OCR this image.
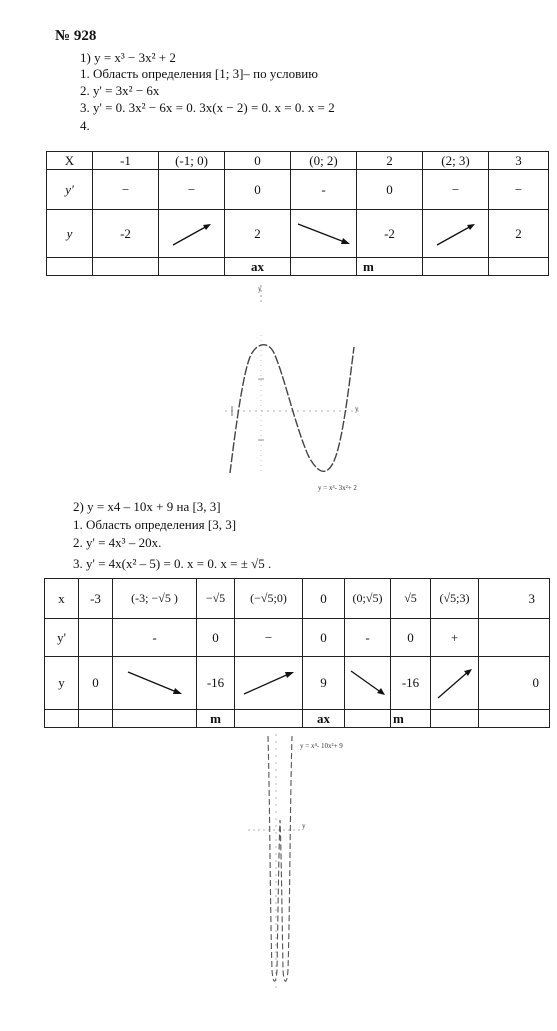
№ 928
1) y = x³ − 3x² + 2
1. Область определения [1; 3]– по условию
2. y' = 3x² − 6x
3. y' = 0. 3x² − 6x = 0. 3x(x − 2) = 0. x = 0. x = 2
4.
X	-1	(-1; 0)	0	(0; 2)	2	(2; 3)	3
y'	−	−	0	-	0	−	−
y	-2		2		-2		2
			ax		m		
y
y
y = x³- 3x²+ 2
2) y = x4 – 10x + 9 на [3, 3]
1. Область определения [3, 3]
2. y' = 4x³ – 20x.
3. y' = 4x(x² – 5) = 0. x = 0. x = ± √5 .
x	-3	(-3; −√5 )	−√5	(−√5;0)	0	(0;√5)	√5	(√5;3)	3
y'		-	0	−	0	-	0	+	
y	0		-16		9		-16		0
			m		ax		m		
y
y = x⁴- 10x²+ 9
